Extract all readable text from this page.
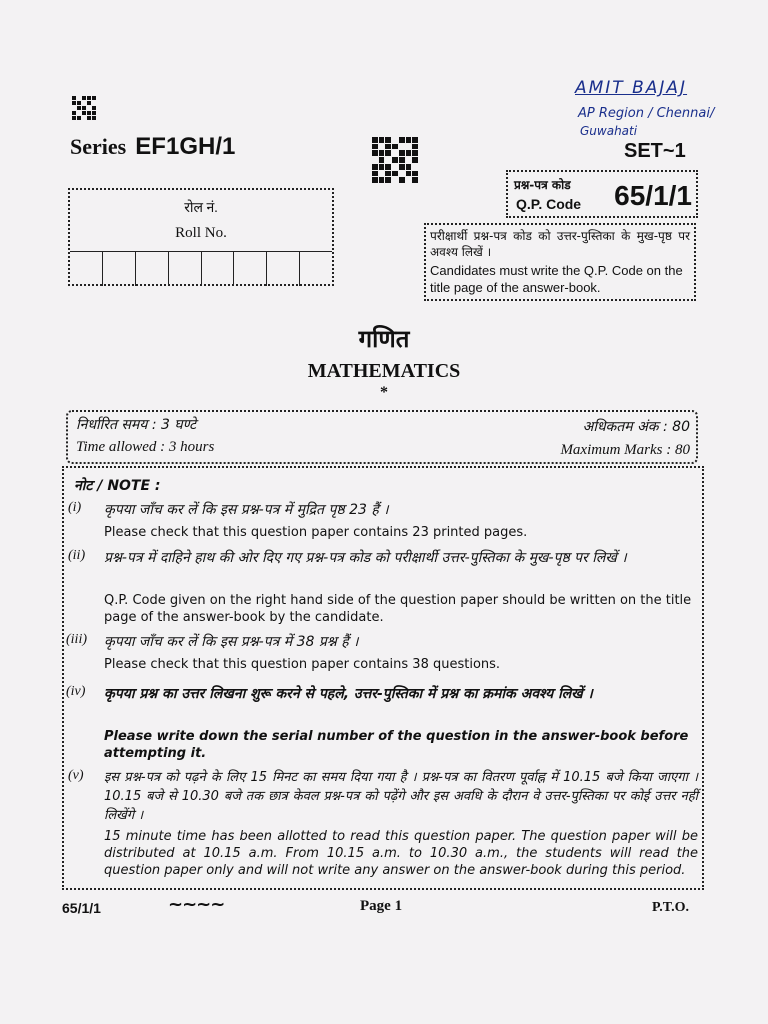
Series EF1GH/1
AMIT BAJAJ
AP Region / Chennai/
Guwahati
SET~1
रोल नं.
Roll No.
प्रश्न-पत्र कोड
Q.P. Code 65/1/1
परीक्षार्थी प्रश्न-पत्र कोड को उत्तर-पुस्तिका के मुख-पृष्ठ पर अवश्य लिखें ।
Candidates must write the Q.P. Code on the title page of the answer-book.
गणित
MATHEMATICS
*
निर्धारित समय : 3 घण्टे
Time allowed : 3 hours
अधिकतम अंक : 80
Maximum Marks : 80
नोट / NOTE :
(i) कृपया जाँच कर लें कि इस प्रश्न-पत्र में मुद्रित पृष्ठ 23 हैं ।
Please check that this question paper contains 23 printed pages.
(ii) प्रश्न-पत्र में दाहिने हाथ की ओर दिए गए प्रश्न-पत्र कोड को परीक्षार्थी उत्तर-पुस्तिका के मुख-पृष्ठ पर लिखें ।
Q.P. Code given on the right hand side of the question paper should be written on the title page of the answer-book by the candidate.
(iii) कृपया जाँच कर लें कि इस प्रश्न-पत्र में 38 प्रश्न हैं ।
Please check that this question paper contains 38 questions.
(iv) कृपया प्रश्न का उत्तर लिखना शुरू करने से पहले, उत्तर-पुस्तिका में प्रश्न का क्रमांक अवश्य लिखें ।
Please write down the serial number of the question in the answer-book before attempting it.
(v) इस प्रश्न-पत्र को पढ़ने के लिए 15 मिनट का समय दिया गया है । प्रश्न-पत्र का वितरण पूर्वाह्न में 10.15 बजे किया जाएगा । 10.15 बजे से 10.30 बजे तक छात्र केवल प्रश्न-पत्र को पढ़ेंगे और इस अवधि के दौरान वे उत्तर-पुस्तिका पर कोई उत्तर नहीं लिखेंगे ।
15 minute time has been allotted to read this question paper. The question paper will be distributed at 10.15 a.m. From 10.15 a.m. to 10.30 a.m., the students will read the question paper only and will not write any answer on the answer-book during this period.
65/1/1	~~~~	Page 1	P.T.O.
